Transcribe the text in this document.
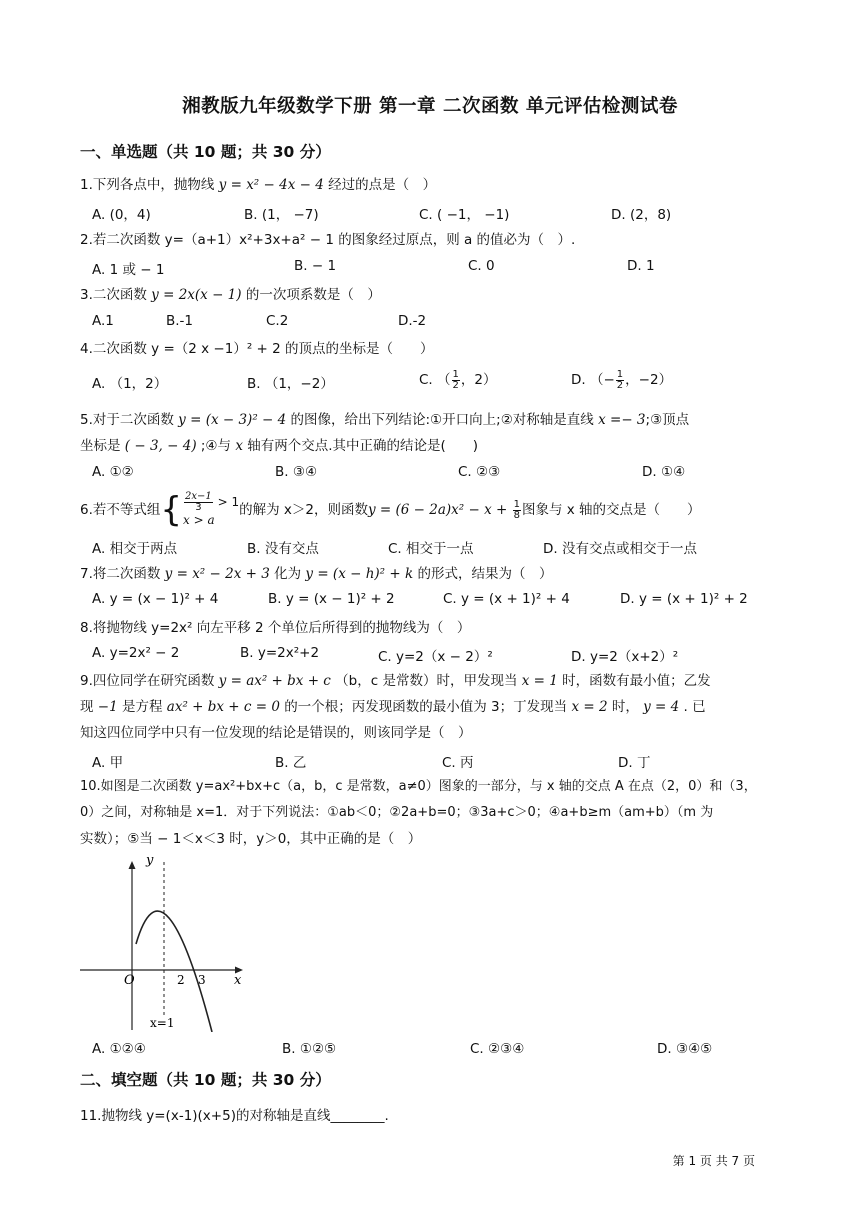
湘教版九年级数学下册 第一章 二次函数 单元评估检测试卷
一、单选题（共 10 题；共 30 分）
1.下列各点中，抛物线 y = x² − 4x − 4 经过的点是（　）
A. (0，4)	B. (1， −7)	C. ( −1， −1)	D. (2，8)
2.若二次函数 y=（a+1）x²+3x+a² − 1 的图象经过原点，则 a 的值必为（　）.
A. 1 或 − 1	B. − 1	C. 0	D. 1
3.二次函数 y = 2x(x − 1) 的一次项系数是（　）
A.1	B.-1	C.2	D.-2
4.二次函数 y =（2 x −1）² + 2 的顶点的坐标是（　　）
A. （1，2）	B. （1，−2）	C. （ $\frac{1}{2}$ ，2）	D. （− $\frac{1}{2}$ ，−2）
5.对于二次函数 y = (x − 3)² − 4 的图像，给出下列结论:①开口向上;②对称轴是直线 x =− 3;③顶点
坐标是 ( − 3, − 4) ;④与 x 轴有两个交点.其中正确的结论是(　　)
A. ①②	B. ③④	C. ②③	D. ①④
6.若不等式组 { $\frac{2x-1}{3} > 1$
x > a
的解为 x＞2，则函数$y = (6 - 2a)x^2 - x + \frac{1}{8}$ 图象与 x 轴的交点是（　　）
A. 相交于两点	B. 没有交点	C. 相交于一点	D. 没有交点或相交于一点
7.将二次函数 y = x² − 2x + 3 化为 y = (x − h)² + k 的形式，结果为（　）
A. y = (x − 1)² + 4	B. y = (x − 1)² + 2	C. y = (x + 1)² + 4	D. y = (x + 1)² + 2
8.将抛物线 y=2x² 向左平移 2 个单位后所得到的抛物线为（　）
A. y=2x² − 2	B. y=2x²+2	C. y=2（x − 2）²	D. y=2（x+2）²
9.四位同学在研究函数 y = ax² + bx + c （b，c 是常数）时，甲发现当 x = 1 时，函数有最小值；乙发
现 −1 是方程 ax² + bx + c = 0 的一个根；丙发现函数的最小值为 3；丁发现当 x = 2 时， y = 4 . 已
知这四位同学中只有一位发现的结论是错误的，则该同学是（　）
A. 甲	B. 乙	C. 丙	D. 丁
10.如图是二次函数 y=ax²+bx+c（a，b，c 是常数，a≠0）图象的一部分，与 x 轴的交点 A 在点（2，0）和（3，
0）之间，对称轴是 x=1．对于下列说法：①ab＜0；②2a+b=0；③3a+c＞0；④a+b≥m（am+b）（m 为
实数）；⑤当 − 1＜x＜3 时，y＞0，其中正确的是（　）
y
x
O	2 3
x=1
A. ①②④	B. ①②⑤	C. ②③④	D. ③④⑤
二、填空题（共 10 题；共 30 分）
11.抛物线 y=(x-1)(x+5)的对称轴是直线________.
第 1 页 共 7 页
